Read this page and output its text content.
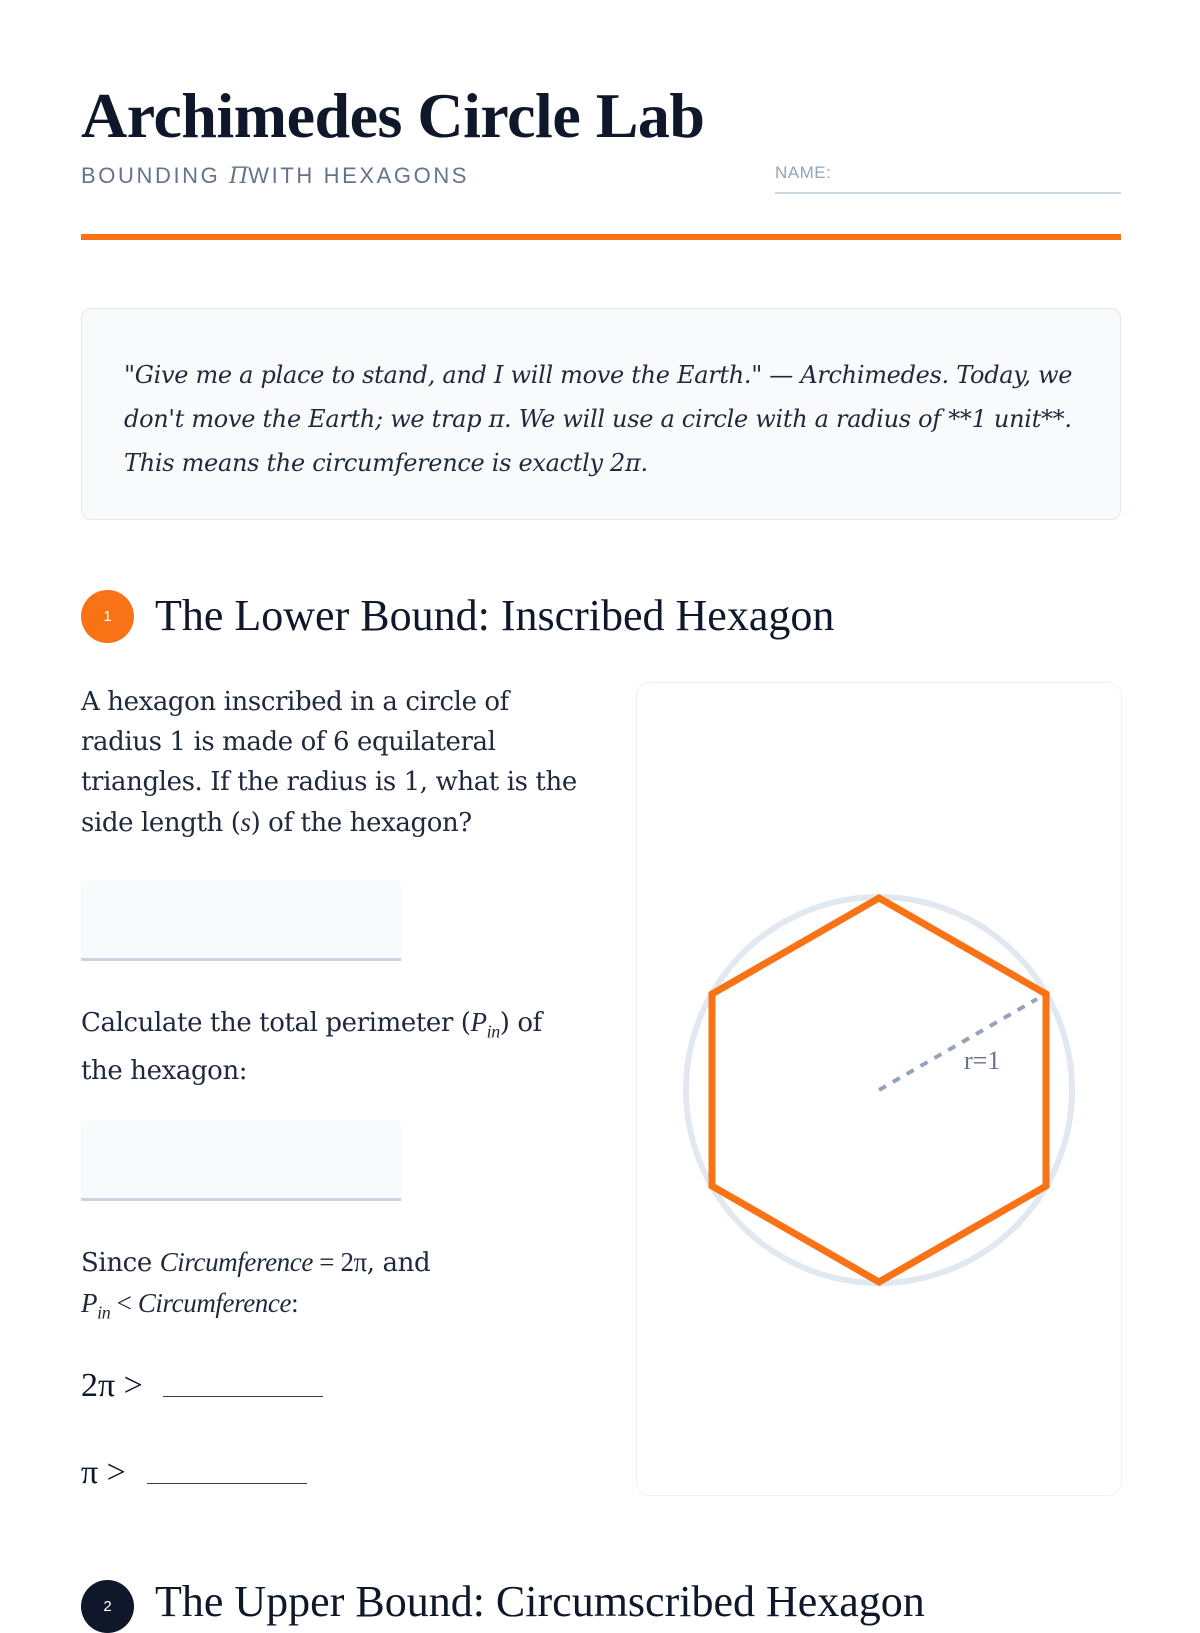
Archimedes Circle Lab
BOUNDING ΠWITH HEXAGONS	NAME:

"Give me a place to stand, and I will move the Earth." — Archimedes. Today, we don't move the Earth; we trap π. We will use a circle with a radius of **1 unit**. This means the circumference is exactly 2π.

1 The Lower Bound: Inscribed Hexagon

A hexagon inscribed in a circle of radius 1 is made of 6 equilateral triangles. If the radius is 1, what is the side length (s) of the hexagon?

Calculate the total perimeter $(P_{in})$ of the hexagon:

Since Circumference = 2π, and
$P_{in}$ < Circumference:

2π >
π >
r=1
2 The Upper Bound: Circumscribed Hexagon
